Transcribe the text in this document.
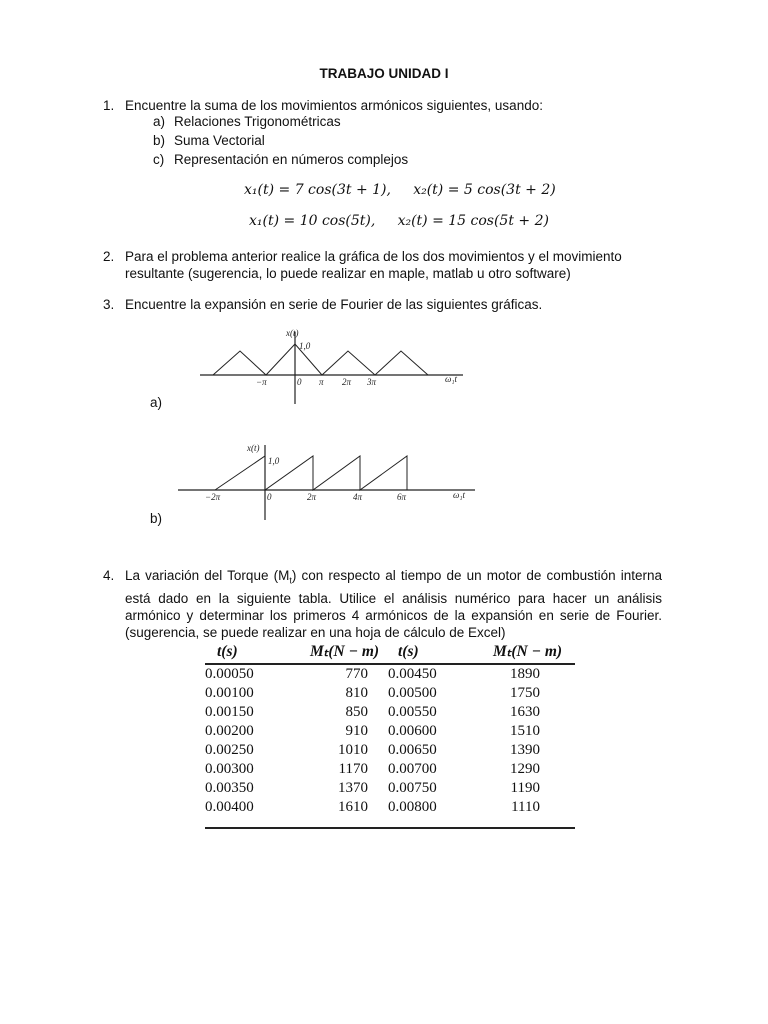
TRABAJO UNIDAD I
1. Encuentre la suma de los movimientos armónicos siguientes, usando:
a) Relaciones Trigonométricas
b) Suma Vectorial
c) Representación en números complejos
x₁(t) = 7 cos(3t + 1),     x₂(t) = 5 cos(3t + 2)
x₁(t) = 10 cos(5t),     x₂(t) = 15 cos(5t + 2)
2. Para el problema anterior realice la gráfica de los dos movimientos y el movimiento resultante (sugerencia, lo puede realizar en maple, matlab u otro software)
3. Encuentre la expansión en serie de Fourier de las siguientes gráficas.
x(t)
1,0
−π	0 π 2π 3π	ω₁t
a)
x(t)
1,0
−2π	0	2π	4π	6π	ω₁t
b)
4. La variación del Torque $(M_t)$ con respecto al tiempo de un motor de combustión interna está dado en la siguiente tabla. Utilice el análisis numérico para hacer un análisis armónico y determinar los primeros 4 armónicos de la expansión en serie de Fourier. (sugerencia, se puede realizar en una hoja de cálculo de Excel)
t(s)	Mₜ(N − m)	t(s)	Mₜ(N − m)
0.00050	770	0.00450	1890
0.00100	810	0.00500	1750
0.00150	850	0.00550	1630
0.00200	910	0.00600	1510
0.00250	1010	0.00650	1390
0.00300	1170	0.00700	1290
0.00350	1370	0.00750	1190
0.00400	1610	0.00800	1110
